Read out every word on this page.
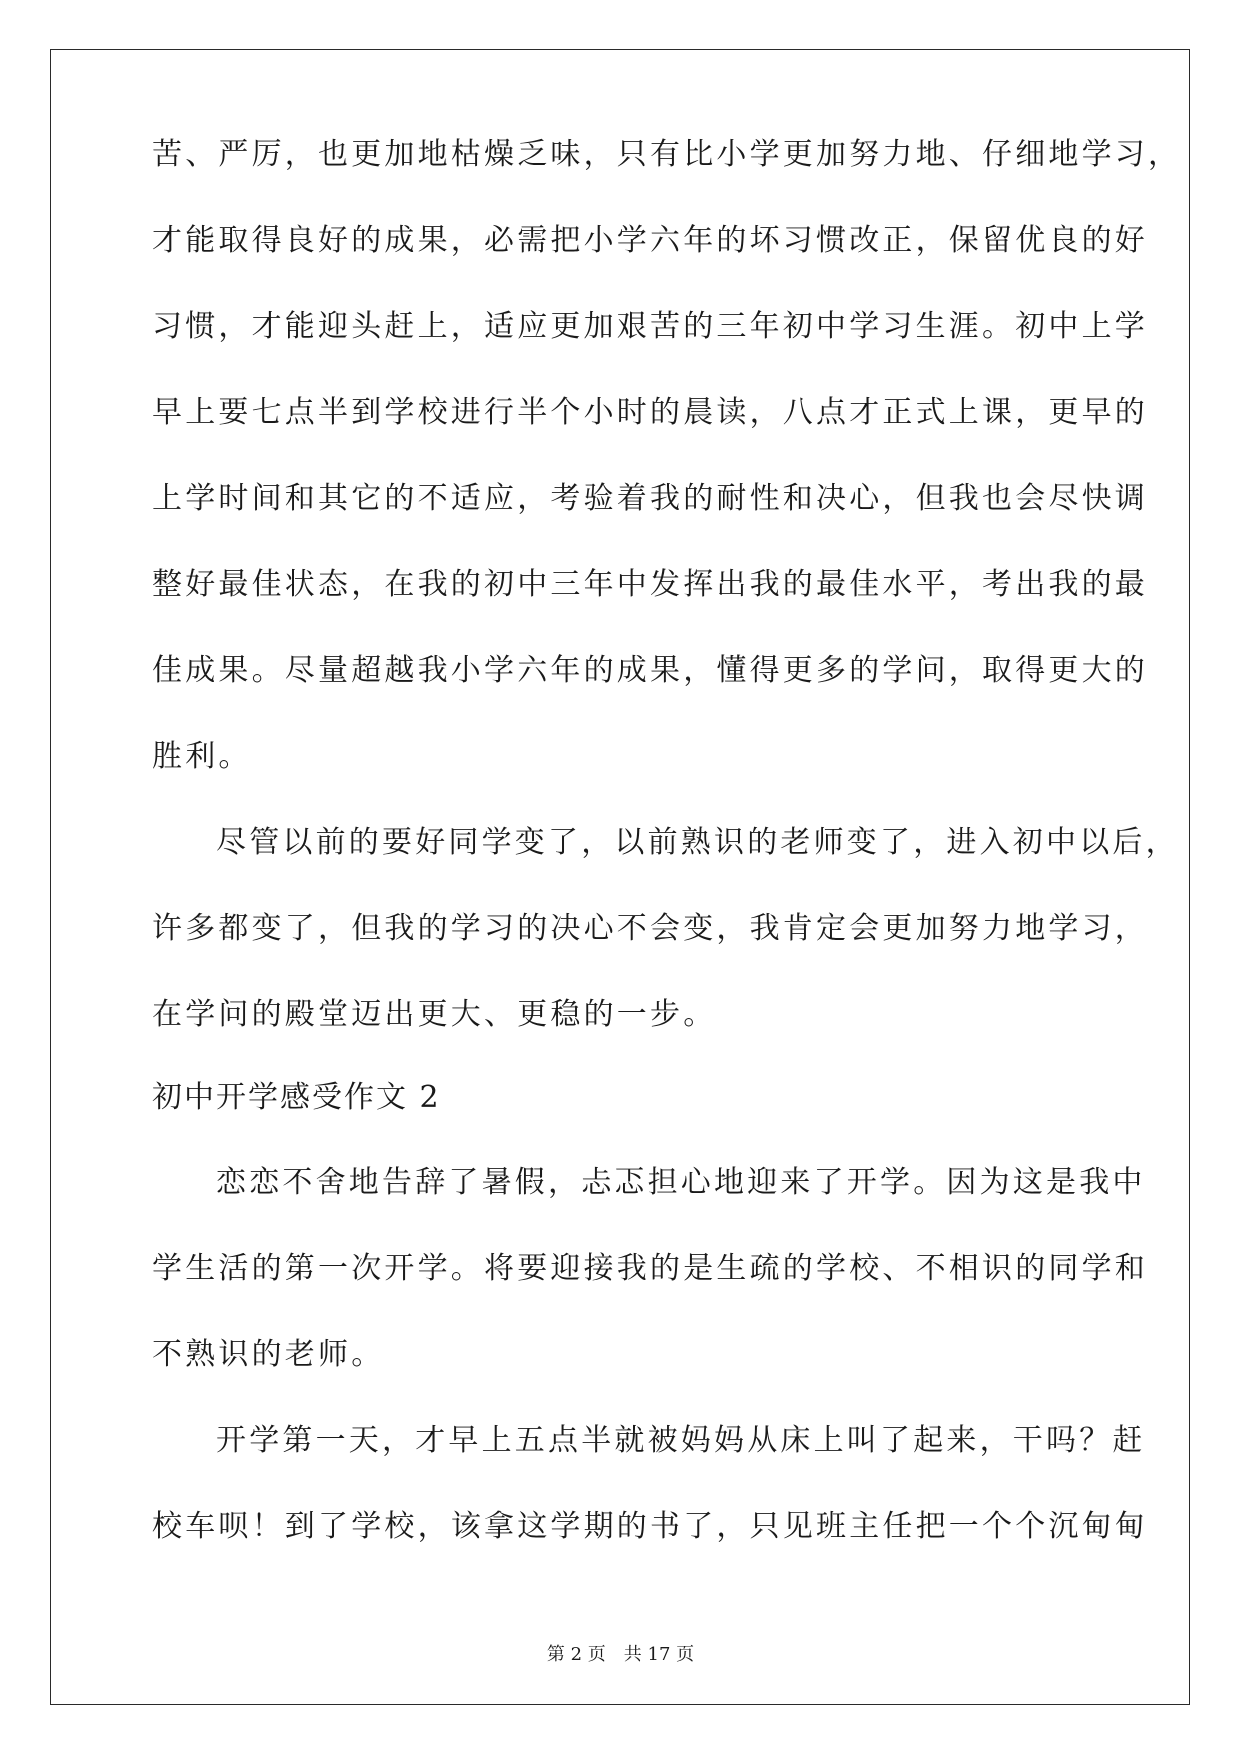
苦、严厉，也更加地枯燥乏味，只有比小学更加努力地、仔细地学习，
才能取得良好的成果，必需把小学六年的坏习惯改正，保留优良的好
习惯，才能迎头赶上，适应更加艰苦的三年初中学习生涯。初中上学
早上要七点半到学校进行半个小时的晨读，八点才正式上课，更早的
上学时间和其它的不适应，考验着我的耐性和决心，但我也会尽快调
整好最佳状态，在我的初中三年中发挥出我的最佳水平，考出我的最
佳成果。尽量超越我小学六年的成果，懂得更多的学问，取得更大的
胜利。
尽管以前的要好同学变了，以前熟识的老师变了，进入初中以后，
许多都变了，但我的学习的决心不会变，我肯定会更加努力地学习，
在学问的殿堂迈出更大、更稳的一步。
初中开学感受作文 2
恋恋不舍地告辞了暑假，忐忑担心地迎来了开学。因为这是我中
学生活的第一次开学。将要迎接我的是生疏的学校、不相识的同学和
不熟识的老师。
开学第一天，才早上五点半就被妈妈从床上叫了起来，干吗？赶
校车呗！到了学校，该拿这学期的书了，只见班主任把一个个沉甸甸
第 2 页　共 17 页
